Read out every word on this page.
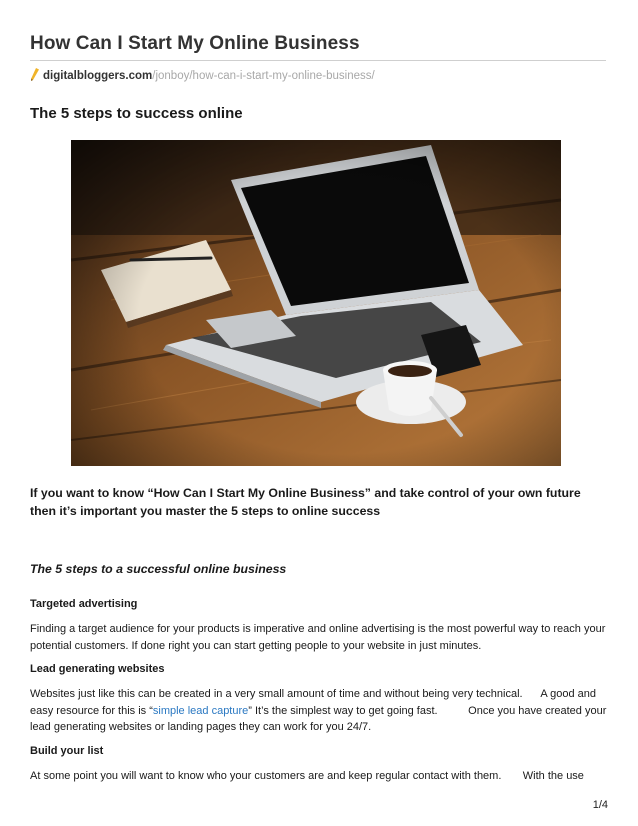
How Can I Start My Online Business
digitalbloggers.com/jonboy/how-can-i-start-my-online-business/
The 5 steps to success online

If you want to know “How Can I Start My Online Business” and take control of your own future then it’s important you master the 5 steps to online success

The 5 steps to a successful online business

Targeted advertising

Finding a target audience for your products is imperative and online advertising is the most powerful way to reach your potential customers. If done right you can start getting people to your website in just minutes.

Lead generating websites

Websites just like this can be created in a very small amount of time and without being very technical.      A good and easy resource for this is “simple lead capture” It’s the simplest way to get going fast.          Once you have created your lead generating websites or landing pages they can work for you 24/7.

Build your list

At some point you will want to know who your customers are and keep regular contact with them.       With the use

1/4
